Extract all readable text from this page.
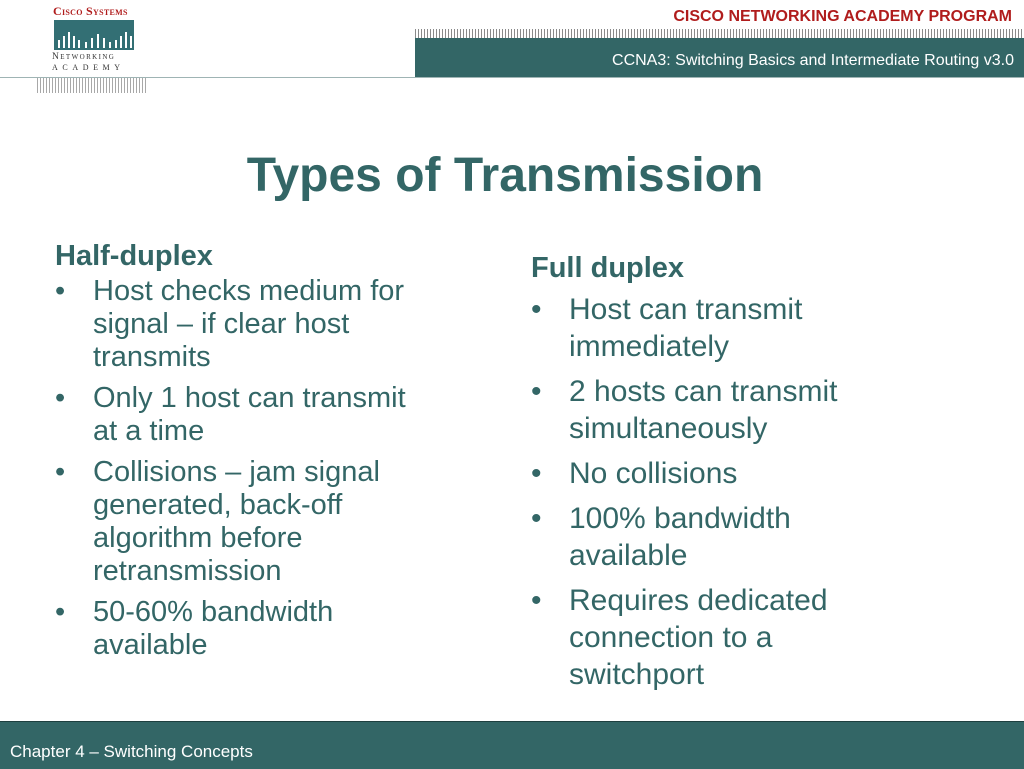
Cisco Systems
Networking
ACADEMY
CISCO NETWORKING ACADEMY PROGRAM
CCNA3: Switching Basics and Intermediate Routing v3.0
Types of Transmission
Half-duplex
• Host checks medium for signal – if clear host transmits
• Only 1 host can transmit at a time
• Collisions – jam signal generated, back-off algorithm before retransmission
• 50-60% bandwidth available
Full duplex
• Host can transmit immediately
• 2 hosts can transmit simultaneously
• No collisions
• 100% bandwidth available
• Requires dedicated connection to a switchport
Chapter 4 – Switching Concepts
